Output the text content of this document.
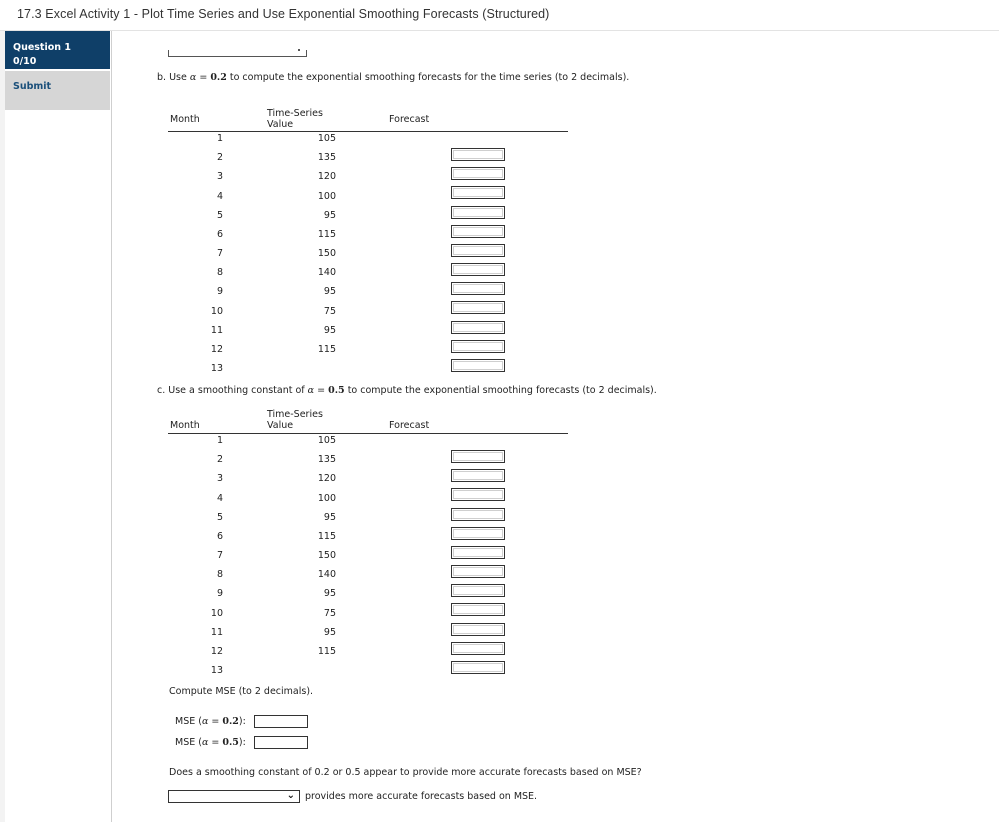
17.3 Excel Activity 1 - Plot Time Series and Use Exponential Smoothing Forecasts (Structured)
Question 1
0/10
Submit
b. Use α = 0.2 to compute the exponential smoothing forecasts for the time series (to 2 decimals).
Month
Time-Series
Value	Forecast
1	105
2	135
3	120
4	100
5	95
6	115
7	150
8	140
9	95
10	75
11	95
12	115
13
c. Use a smoothing constant of α = 0.5 to compute the exponential smoothing forecasts (to 2 decimals).
Month
Time-Series
Value	Forecast
1	105
2	135
3	120
4	100
5	95
6	115
7	150
8	140
9	95
10	75
11	95
12	115
13
Compute MSE (to 2 decimals).
MSE (α = 0.2):
MSE (α = 0.5):
Does a smoothing constant of 0.2 or 0.5 appear to provide more accurate forecasts based on MSE?
⌄ provides more accurate forecasts based on MSE.
